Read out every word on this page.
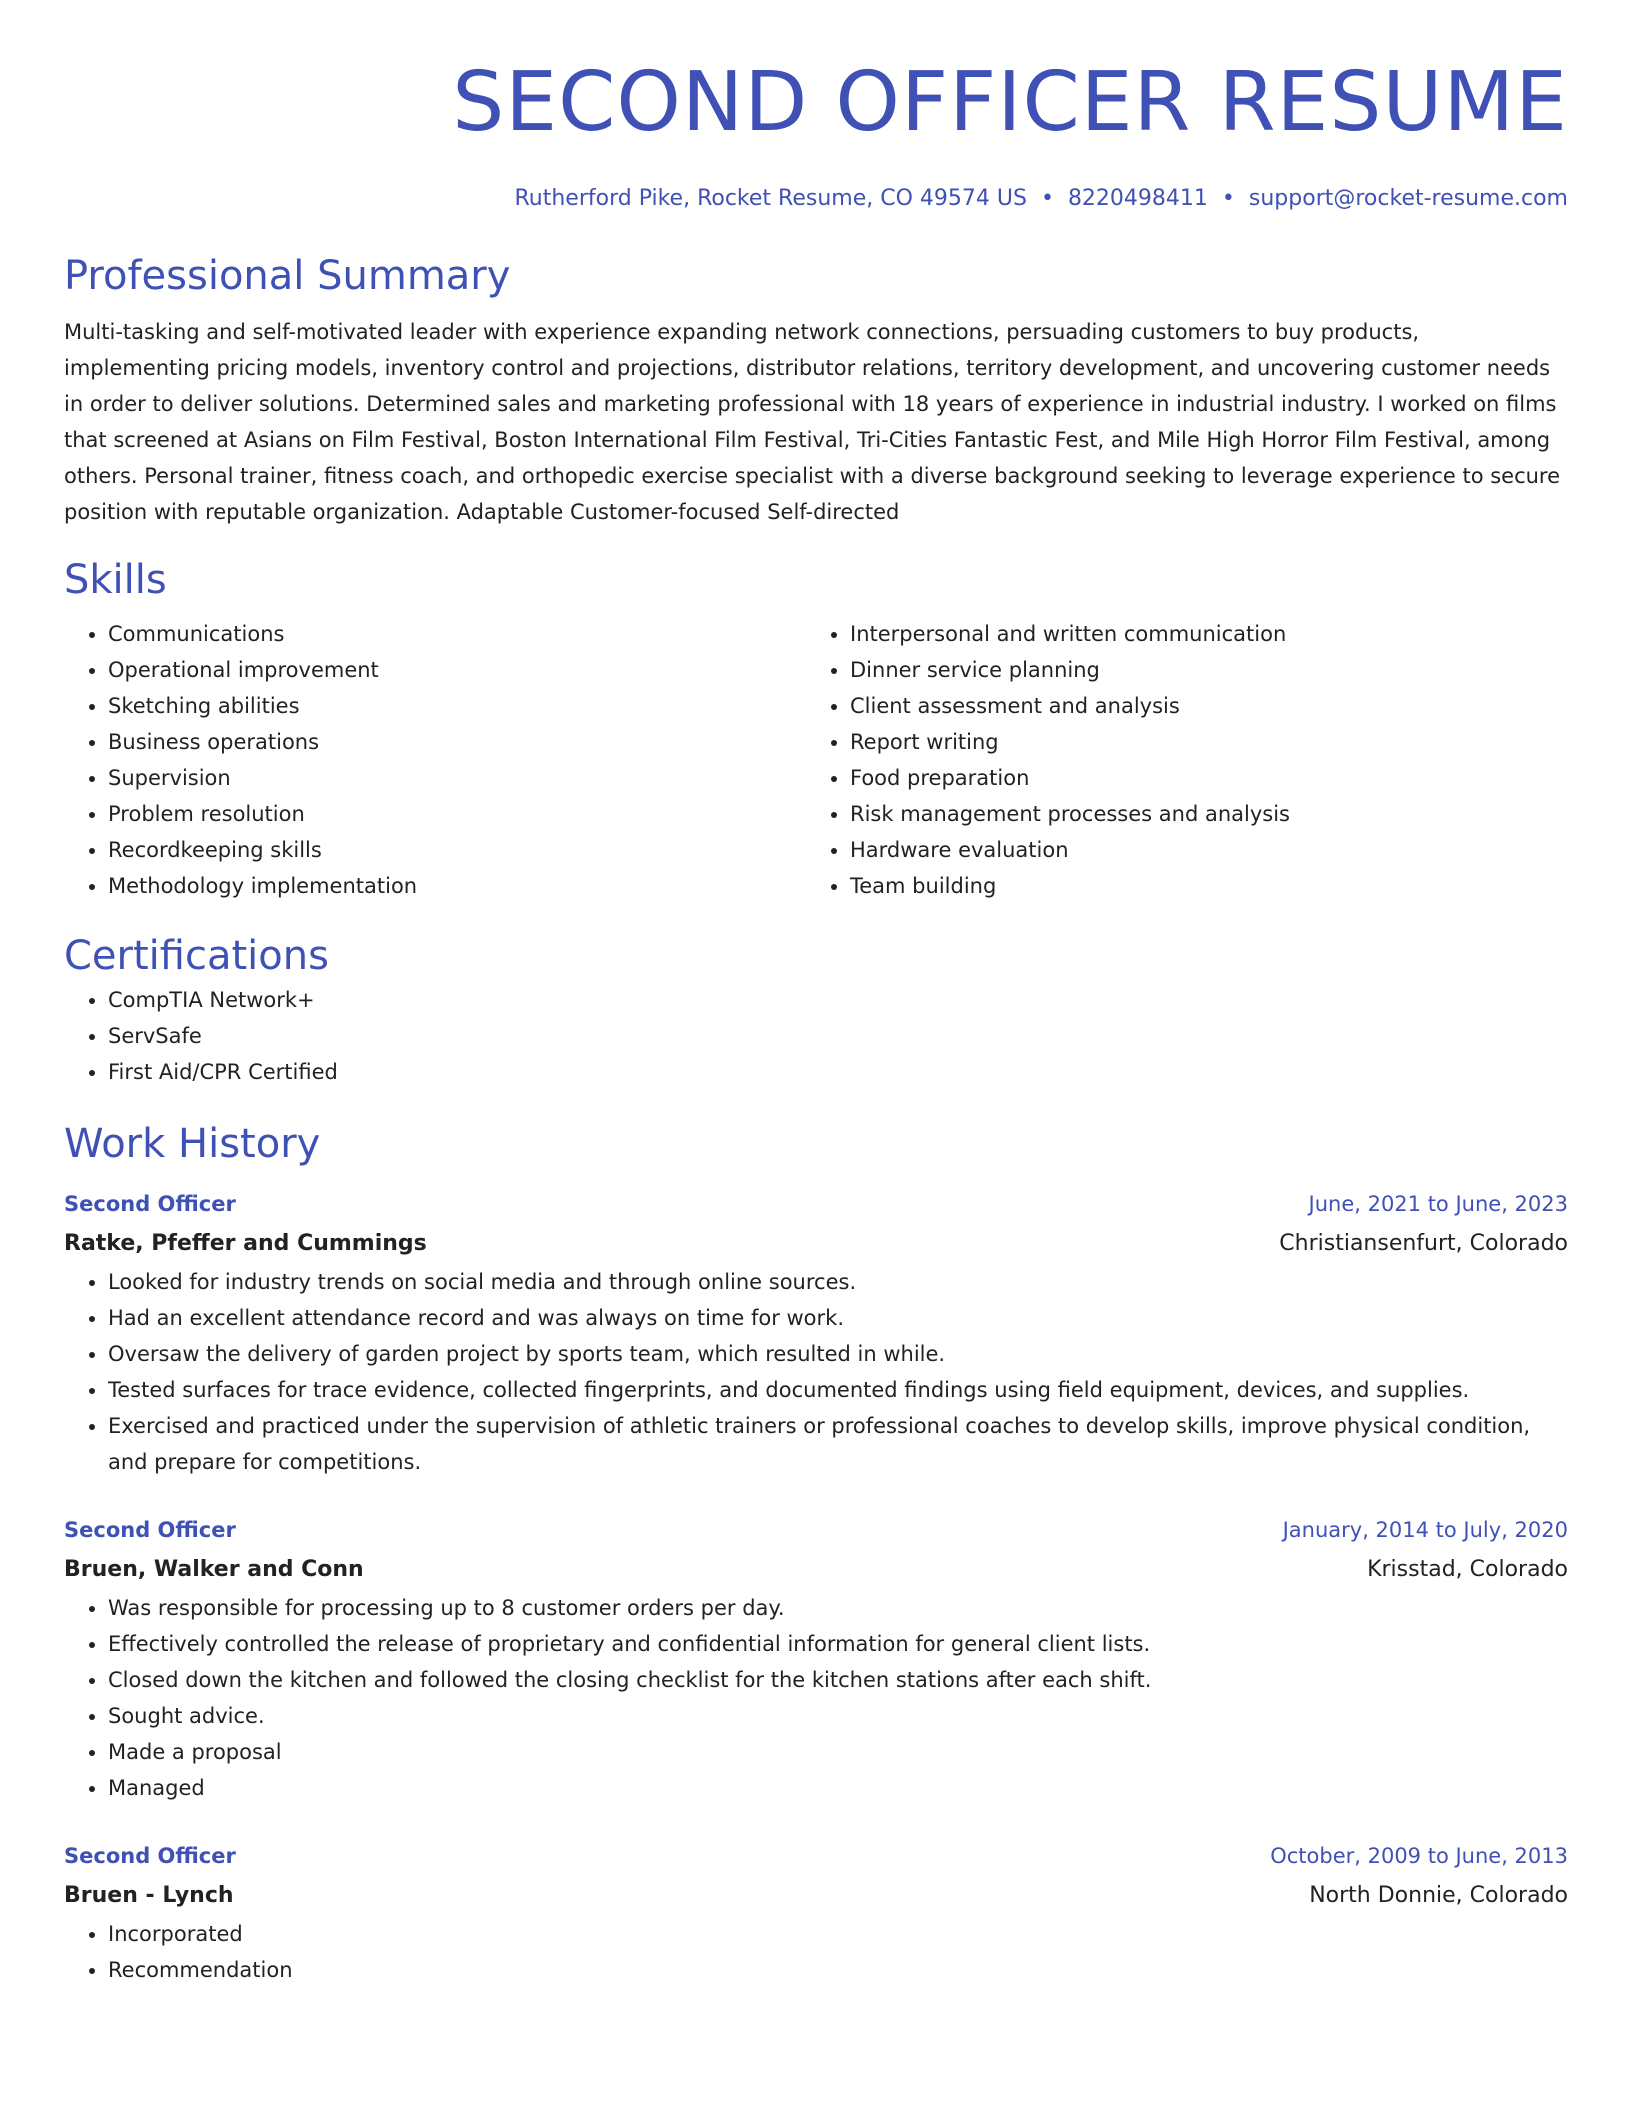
SECOND OFFICER RESUME
Rutherford Pike, Rocket Resume, CO 49574 US • 8220498411 • support@rocket-resume.com
Professional Summary

Multi-tasking and self-motivated leader with experience expanding network connections, persuading customers to buy products, implementing pricing models, inventory control and projections, distributor relations, territory development, and uncovering customer needs in order to deliver solutions. Determined sales and marketing professional with 18 years of experience in industrial industry. I worked on films that screened at Asians on Film Festival, Boston International Film Festival, Tri-Cities Fantastic Fest, and Mile High Horror Film Festival, among others. Personal trainer, fitness coach, and orthopedic exercise specialist with a diverse background seeking to leverage experience to secure position with reputable organization. Adaptable Customer-focused Self-directed

Skills
• Communications
• Operational improvement
• Sketching abilities
• Business operations
• Supervision
• Problem resolution
• Recordkeeping skills
• Methodology implementation
• Interpersonal and written communication
• Dinner service planning
• Client assessment and analysis
• Report writing
• Food preparation
• Risk management processes and analysis
• Hardware evaluation
• Team building
Certifications
• CompTIA Network+
• ServSafe
• First Aid/CPR Certified
Work History
Second Officer	June, 2021 to June, 2023
Ratke, Pfeffer and Cummings	Christiansenfurt, Colorado
• Looked for industry trends on social media and through online sources.
• Had an excellent attendance record and was always on time for work.
• Oversaw the delivery of garden project by sports team, which resulted in while.
• Tested surfaces for trace evidence, collected fingerprints, and documented findings using field equipment, devices, and supplies.
• Exercised and practiced under the supervision of athletic trainers or professional coaches to develop skills, improve physical condition, and prepare for competitions.
Second Officer	January, 2014 to July, 2020
Bruen, Walker and Conn	Krisstad, Colorado
• Was responsible for processing up to 8 customer orders per day.
• Effectively controlled the release of proprietary and confidential information for general client lists.
• Closed down the kitchen and followed the closing checklist for the kitchen stations after each shift.
• Sought advice.
• Made a proposal
• Managed
Second Officer	October, 2009 to June, 2013
Bruen - Lynch	North Donnie, Colorado
• Incorporated
• Recommendation
